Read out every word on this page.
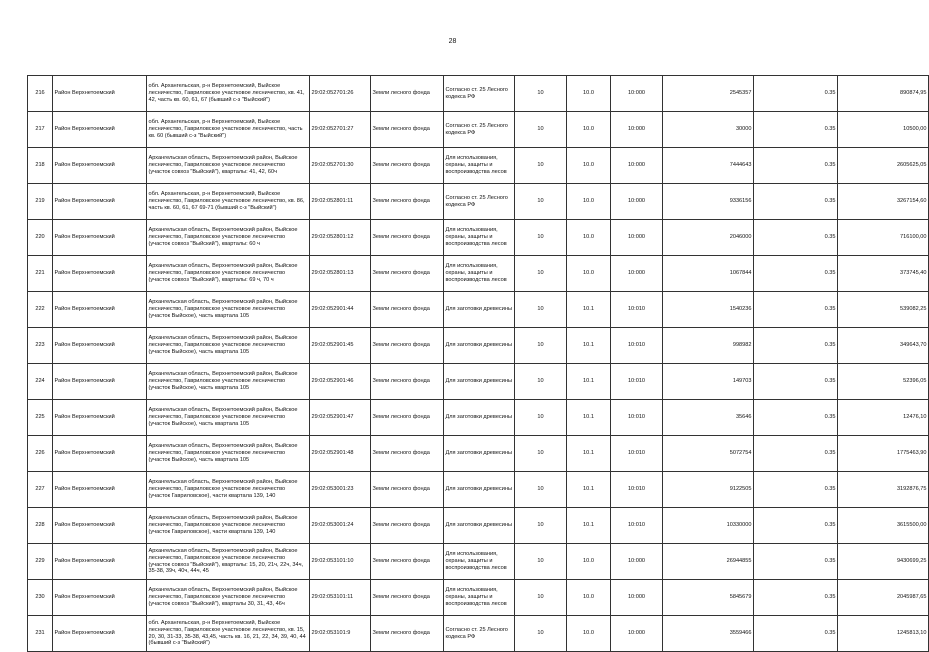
28
216	Район Верхнетоемский	обл. Архангельская, р-н Верхнетоемский, Выйское лесничество, Гавриловское участковое лесничество, кв. 41, 42, часть кв. 60, 61, 67 (бывший с-з "Выйский")	29:02:052701:26	Земли лесного фонда	Согласно ст. 25 Лесного кодекса РФ	10	10.0	10:000	2545357	0.35	890874,95
217	Район Верхнетоемский	обл. Архангельская, р-н Верхнетоемский, Выйское лесничество, Гавриловское участковое лесничество, часть кв. 60 (бывший с-з "Выйский")	29:02:052701:27	Земли лесного фонда	Согласно ст. 25 Лесного кодекса РФ	10	10.0	10:000	30000	0.35	10500,00
218	Район Верхнетоемский	Архангельская область, Верхнетоемский район, Выйское лесничество, Гавриловское участковое лесничество (участок совхоз "Выйский"), кварталы: 41, 42, 60ч	29:02:052701:30	Земли лесного фонда	Для использования, охраны, защиты и воспроизводства лесов	10	10.0	10:000	7444643	0.35	2605625,05
219	Район Верхнетоемский	обл. Архангельская, р-н Верхнетоемский, Выйское лесничество, Гавриловское участковое лесничество, кв. 86, часть кв. 60, 61, 67 69-71 (бывший с-з "Выйский")	29:02:052801:11	Земли лесного фонда	Согласно ст. 25 Лесного кодекса РФ	10	10.0	10:000	9336156	0.35	3267154,60
220	Район Верхнетоемский	Архангельская область, Верхнетоемский район, Выйское лесничество, Гавриловское участковое лесничество (участок совхоз "Выйский"), кварталы: 60 ч	29:02:052801:12	Земли лесного фонда	Для использования, охраны, защиты и воспроизводства лесов	10	10.0	10:000	2046000	0.35	716100,00
221	Район Верхнетоемский	Архангельская область, Верхнетоемский район, Выйское лесничество, Гавриловское участковое лесничество (участок совхоз "Выйский"), кварталы: 69 ч, 70 ч	29:02:052801:13	Земли лесного фонда	Для использования, охраны, защиты и воспроизводства лесов	10	10.0	10:000	1067844	0.35	373745,40
222	Район Верхнетоемский	Архангельская область, Верхнетоемский район, Выйское лесничество, Гавриловское участковое лесничество (участок Выйское), часть квартала 105	29:02:052901:44	Земли лесного фонда	Для заготовки древесины	10	10.1	10:010	1540236	0.35	539082,25
223	Район Верхнетоемский	Архангельская область, Верхнетоемский район, Выйское лесничество, Гавриловское участковое лесничество (участок Выйское), часть квартала 105	29:02:052901:45	Земли лесного фонда	Для заготовки древесины	10	10.1	10:010	998982	0.35	349643,70
224	Район Верхнетоемский	Архангельская область, Верхнетоемский район, Выйское лесничество, Гавриловское участковое лесничество (участок Выйское), часть квартала 105	29:02:052901:46	Земли лесного фонда	Для заготовки древесины	10	10.1	10:010	149703	0.35	52396,05
225	Район Верхнетоемский	Архангельская область, Верхнетоемский район, Выйское лесничество, Гавриловское участковое лесничество (участок Выйское), часть квартала 105	29:02:052901:47	Земли лесного фонда	Для заготовки древесины	10	10.1	10:010	35646	0.35	12476,10
226	Район Верхнетоемский	Архангельская область, Верхнетоемский район, Выйское лесничество, Гавриловское участковое лесничество (участок Выйское), часть квартала 105	29:02:052901:48	Земли лесного фонда	Для заготовки древесины	10	10.1	10:010	5072754	0.35	1775463,90
227	Район Верхнетоемский	Архангельская область, Верхнетоемский район, Выйское лесничество, Гавриловское участковое лесничество (участок Гавриловское), части квартала 139, 140	29:02:053001:23	Земли лесного фонда	Для заготовки древесины	10	10.1	10:010	9122505	0.35	3192876,75
228	Район Верхнетоемский	Архангельская область, Верхнетоемский район, Выйское лесничество, Гавриловское участковое лесничество (участок Гавриловское), части квартала 139, 140	29:02:053001:24	Земли лесного фонда	Для заготовки древесины	10	10.1	10:010	10330000	0.35	3615500,00
229	Район Верхнетоемский	Архангельская область, Верхнетоемский район, Выйское лесничество, Гавриловское участковое лесничество (участок совхоз "Выйский"), кварталы: 15, 20, 21ч, 22ч, 34ч, 35-38, 39ч, 40ч, 44ч, 45	29:02:053101:10	Земли лесного фонда	Для использования, охраны, защиты и воспроизводства лесов	10	10.0	10:000	26944855	0.35	9430699,25
230	Район Верхнетоемский	Архангельская область, Верхнетоемский район, Выйское лесничество, Гавриловское участковое лесничество (участок совхоз "Выйский"), кварталы 30, 31, 43, 46ч	29:02:053101:11	Земли лесного фонда	Для использования, охраны, защиты и воспроизводства лесов	10	10.0	10:000	5845679	0.35	2045987,65
231	Район Верхнетоемский	обл. Архангельская, р-н Верхнетоемский, Выйское лесничество, Гавриловское участковое лесничество, кв. 15, 20, 30, 31-33, 35-38, 43,45, часть кв. 16, 21, 22, 34, 39, 40, 44 (бывший с-з "Выйский")	29:02:053101:9	Земли лесного фонда	Согласно ст. 25 Лесного кодекса РФ	10	10.0	10:000	3559466	0.35	1245813,10
